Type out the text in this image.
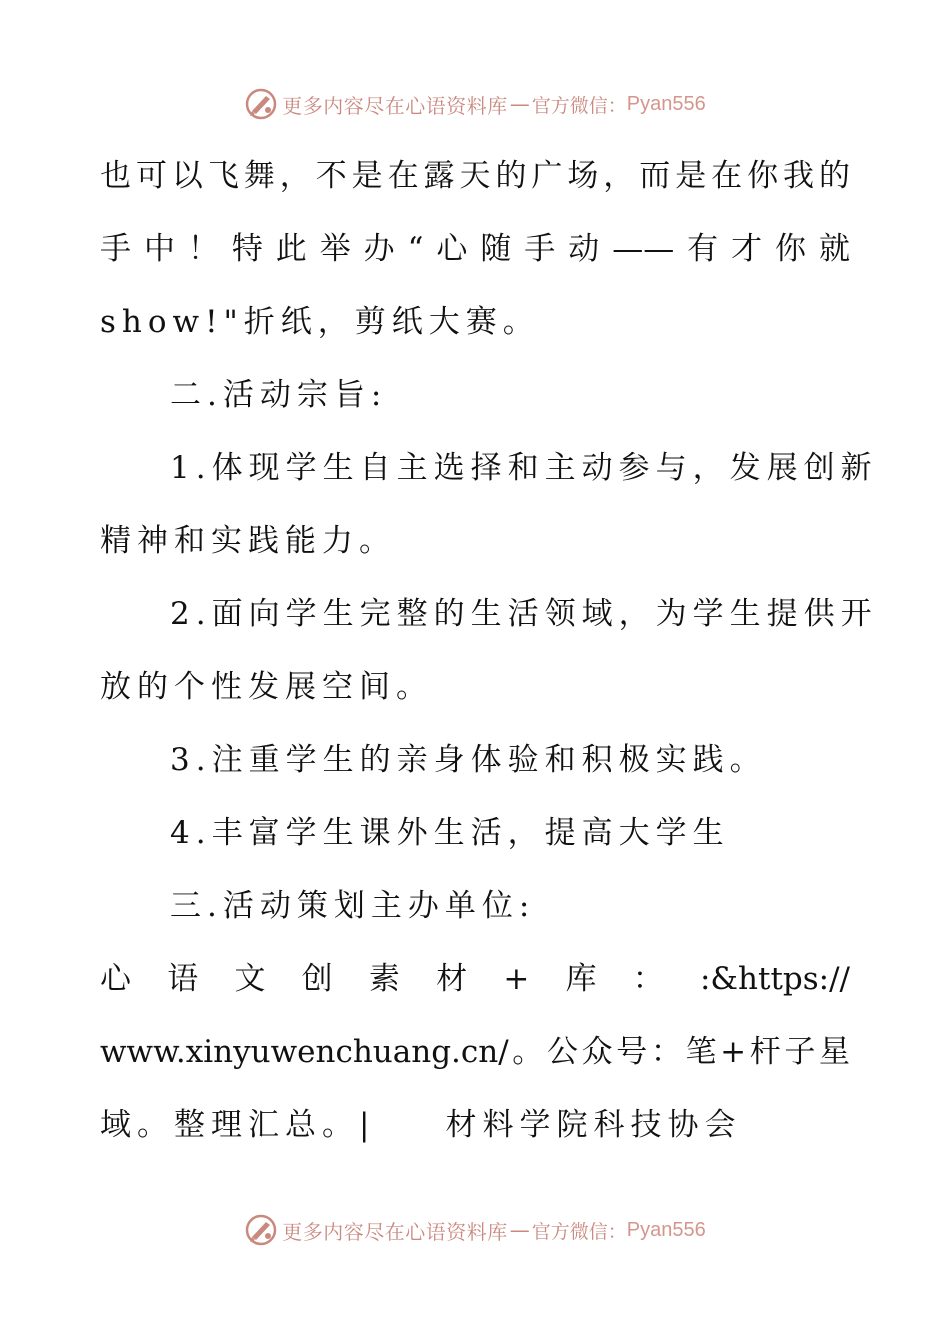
更多内容尽在心语资料库 — 官方微信： Pyan556
也可以飞舞，不是在露天的广场，而是在你我的
手中！特此举办“心随手动——有才你就
show!"折纸，剪纸大赛。
二.活动宗旨:
1.体现学生自主选择和主动参与，发展创新
精神和实践能力。
2.面向学生完整的生活领域，为学生提供开
放的个性发展空间。
3.注重学生的亲身体验和积极实践。
4.丰富学生课外生活，提高大学生
三.活动策划主办单位:
心语文创素材+库：:&https://
www.xinyuwenchuang.cn/。公众号：笔+杆子星
域。整理汇总。| 材料学院科技协会
更多内容尽在心语资料库 — 官方微信： Pyan556
